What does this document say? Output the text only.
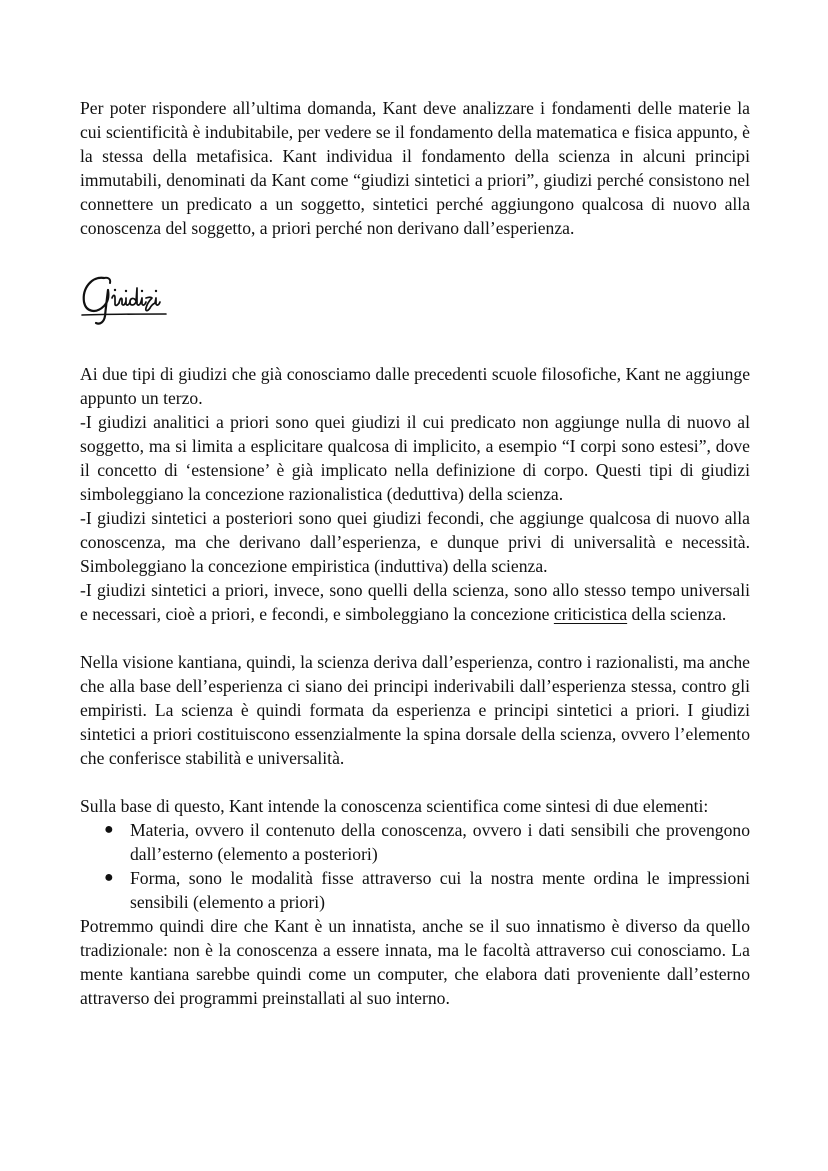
Per poter rispondere all’ultima domanda, Kant deve analizzare i fondamenti delle materie la cui scientificità è indubitabile, per vedere se il fondamento della matematica e fisica appunto, è la stessa della metafisica. Kant individua il fondamento della scienza in alcuni principi immutabili, denominati da Kant come “giudizi sintetici a priori”, giudizi perché consistono nel connettere un predicato a un soggetto, sintetici perché aggiungono qualcosa di nuovo alla conoscenza del soggetto, a priori perché non derivano dall’esperienza.

Ai due tipi di giudizi che già conosciamo dalle precedenti scuole filosofiche, Kant ne aggiunge appunto un terzo.

-I giudizi analitici a priori sono quei giudizi il cui predicato non aggiunge nulla di nuovo al soggetto, ma si limita a esplicitare qualcosa di implicito, a esempio “I corpi sono estesi”, dove il concetto di ‘estensione’ è già implicato nella definizione di corpo. Questi tipi di giudizi simboleggiano la concezione razionalistica (deduttiva) della scienza.

-I giudizi sintetici a posteriori sono quei giudizi fecondi, che aggiunge qualcosa di nuovo alla conoscenza, ma che derivano dall’esperienza, e dunque privi di universalità e necessità. Simboleggiano la concezione empiristica (induttiva) della scienza.

-I giudizi sintetici a priori, invece, sono quelli della scienza, sono allo stesso tempo universali e necessari, cioè a priori, e fecondi, e simboleggiano la concezione criticistica della scienza.

Nella visione kantiana, quindi, la scienza deriva dall’esperienza, contro i razionalisti, ma anche che alla base dell’esperienza ci siano dei principi inderivabili dall’esperienza stessa, contro gli empiristi. La scienza è quindi formata da esperienza e principi sintetici a priori. I giudizi sintetici a priori costituiscono essenzialmente la spina dorsale della scienza, ovvero l’elemento che conferisce stabilità e universalità.

Sulla base di questo, Kant intende la conoscenza scientifica come sintesi di due elementi:

● Materia, ovvero il contenuto della conoscenza, ovvero i dati sensibili che provengono dall’esterno (elemento a posteriori)
● Forma, sono le modalità fisse attraverso cui la nostra mente ordina le impressioni sensibili (elemento a priori)

Potremmo quindi dire che Kant è un innatista, anche se il suo innatismo è diverso da quello tradizionale: non è la conoscenza a essere innata, ma le facoltà attraverso cui conosciamo. La mente kantiana sarebbe quindi come un computer, che elabora dati proveniente dall’esterno attraverso dei programmi preinstallati al suo interno.
